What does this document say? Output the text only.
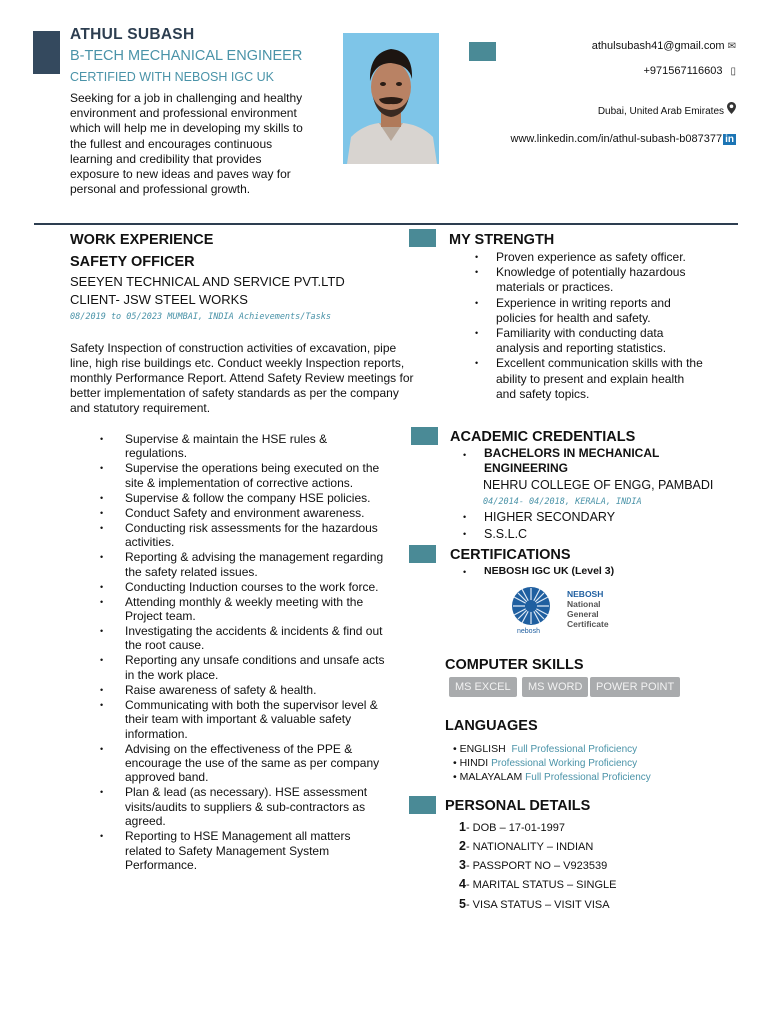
ATHUL SUBASH
B-TECH MECHANICAL ENGINEER
CERTIFIED WITH NEBOSH IGC UK
Seeking for a job in challenging and healthy environment and professional environment which will help me in developing my skills to the fullest and encourages continuous learning and credibility that provides exposure to new ideas and paves way for personal and professional growth.
athulsubash41@gmail.com ✉
+971567116603 ▯
Dubai, United Arab Emirates
www.linkedin.com/in/athul-subash-b087377 in
WORK EXPERIENCE
SAFETY OFFICER
SEEYEN TECHNICAL AND SERVICE PVT.LTD
CLIENT- JSW STEEL WORKS
08/2019 to 05/2023 MUMBAI, INDIA Achievements/Tasks
Safety Inspection of construction activities of excavation, pipe line, high rise buildings etc. Conduct weekly Inspection reports, monthly Performance Report. Attend Safety Review meetings for better implementation of safety standards as per the company and statutory requirement.
• Supervise & maintain the HSE rules & regulations.
• Supervise the operations being executed on the site & implementation of corrective actions.
• Supervise & follow the company HSE policies.
• Conduct Safety and environment awareness.
• Conducting risk assessments for the hazardous activities.
• Reporting & advising the management regarding the safety related issues.
• Conducting Induction courses to the work force.
• Attending monthly & weekly meeting with the Project team.
• Investigating the accidents & incidents & find out the root cause.
• Reporting any unsafe conditions and unsafe acts in the work place.
• Raise awareness of safety & health.
• Communicating with both the supervisor level & their team with important & valuable safety information.
• Advising on the effectiveness of the PPE & encourage the use of the same as per company approved band.
• Plan & lead (as necessary). HSE assessment visits/audits to suppliers & sub-contractors as agreed.
• Reporting to HSE Management all matters related to Safety Management System Performance.
MY STRENGTH
• Proven experience as safety officer.
• Knowledge of potentially hazardous materials or practices.
• Experience in writing reports and policies for health and safety.
• Familiarity with conducting data analysis and reporting statistics.
• Excellent communication skills with the ability to present and explain health and safety topics.
ACADEMIC CREDENTIALS
• BACHELORS IN MECHANICAL ENGINEERING
NEHRU COLLEGE OF ENGG, PAMBADI
04/2014- 04/2018, KERALA, INDIA
• HIGHER SECONDARY
• S.S.L.C
CERTIFICATIONS
• NEBOSH IGC UK (Level 3)
nebosh
NEBOSH
National
General
Certificate
COMPUTER SKILLS
MS EXCEL	MS WORD	POWER POINT
LANGUAGES
• ENGLISH Full Professional Proficiency
• HINDI Professional Working Proficiency
• MALAYALAM Full Professional Proficiency
PERSONAL DETAILS
1- DOB – 17-01-1997
2- NATIONALITY – INDIAN
3- PASSPORT NO – V923539
4- MARITAL STATUS – SINGLE
5- VISA STATUS – VISIT VISA
